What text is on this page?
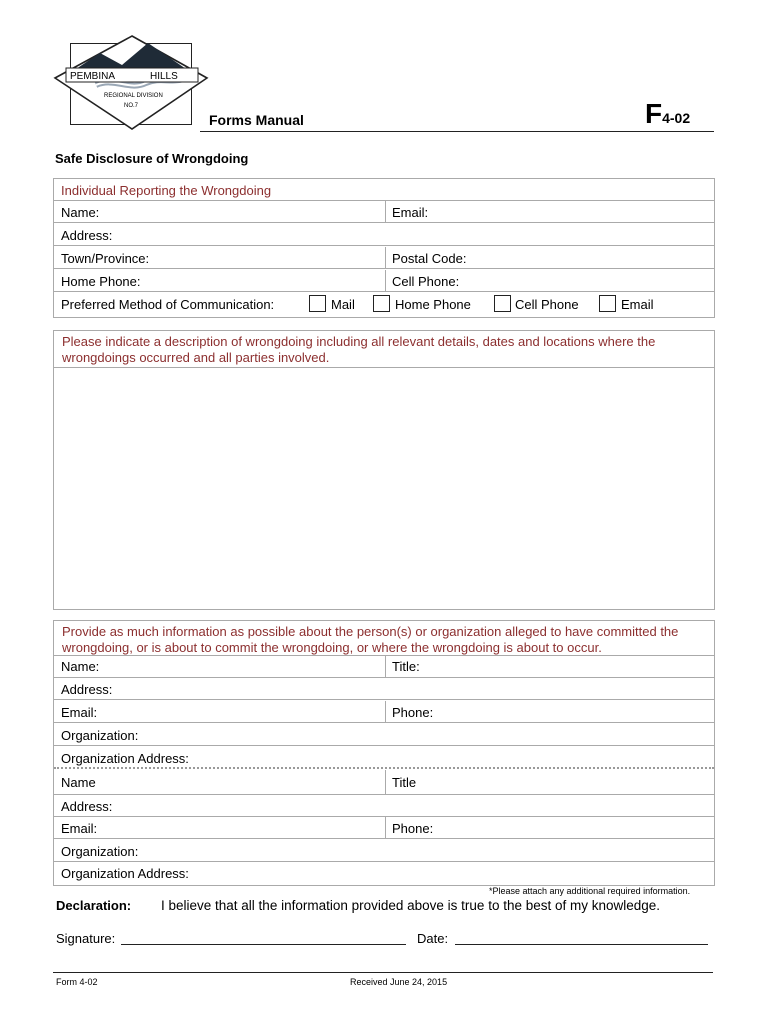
PEMBINA	HILLS
REGIONAL DIVISION
NO.7
Forms Manual	F4-02
Safe Disclosure of Wrongdoing
Individual Reporting the Wrongdoing
Name:	Email:
Address:
Town/Province:	Postal Code:
Home Phone:	Cell Phone:
Preferred Method of Communication:	Mail	Home Phone	Cell Phone	Email
Please indicate a description of wrongdoing including all relevant details, dates and locations where the wrongdoings occurred and all parties involved.
Provide as much information as possible about the person(s) or organization alleged to have committed the wrongdoing, or is about to commit the wrongdoing, or where the wrongdoing is about to occur.
Name:	Title:
Address:
Email:	Phone:
Organization:
Organization Address:
Name	Title
Address:
Email:	Phone:
Organization:
Organization Address:
*Please attach any additional required information.
Declaration: I believe that all the information provided above is true to the best of my knowledge.
Signature:	Date:
Form 4-02	Received June 24, 2015
